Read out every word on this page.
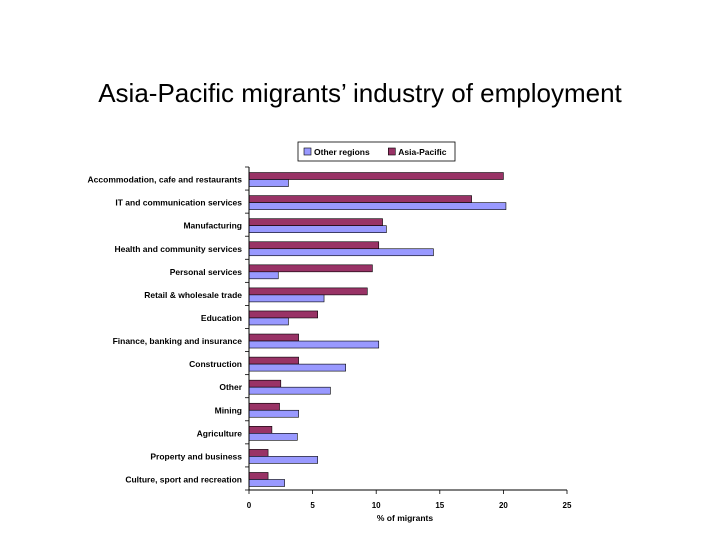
Asia-Pacific migrants’ industry of employment
Other regions	Asia-Pacific
0	5	10	15	20	25
% of migrants
Accommodation, cafe and restaurants
IT and communication services
Manufacturing
Health and community services
Personal services
Retail & wholesale trade
Education
Finance, banking and insurance
Construction
Other
Mining
Agriculture
Property and business
Culture, sport and recreation
